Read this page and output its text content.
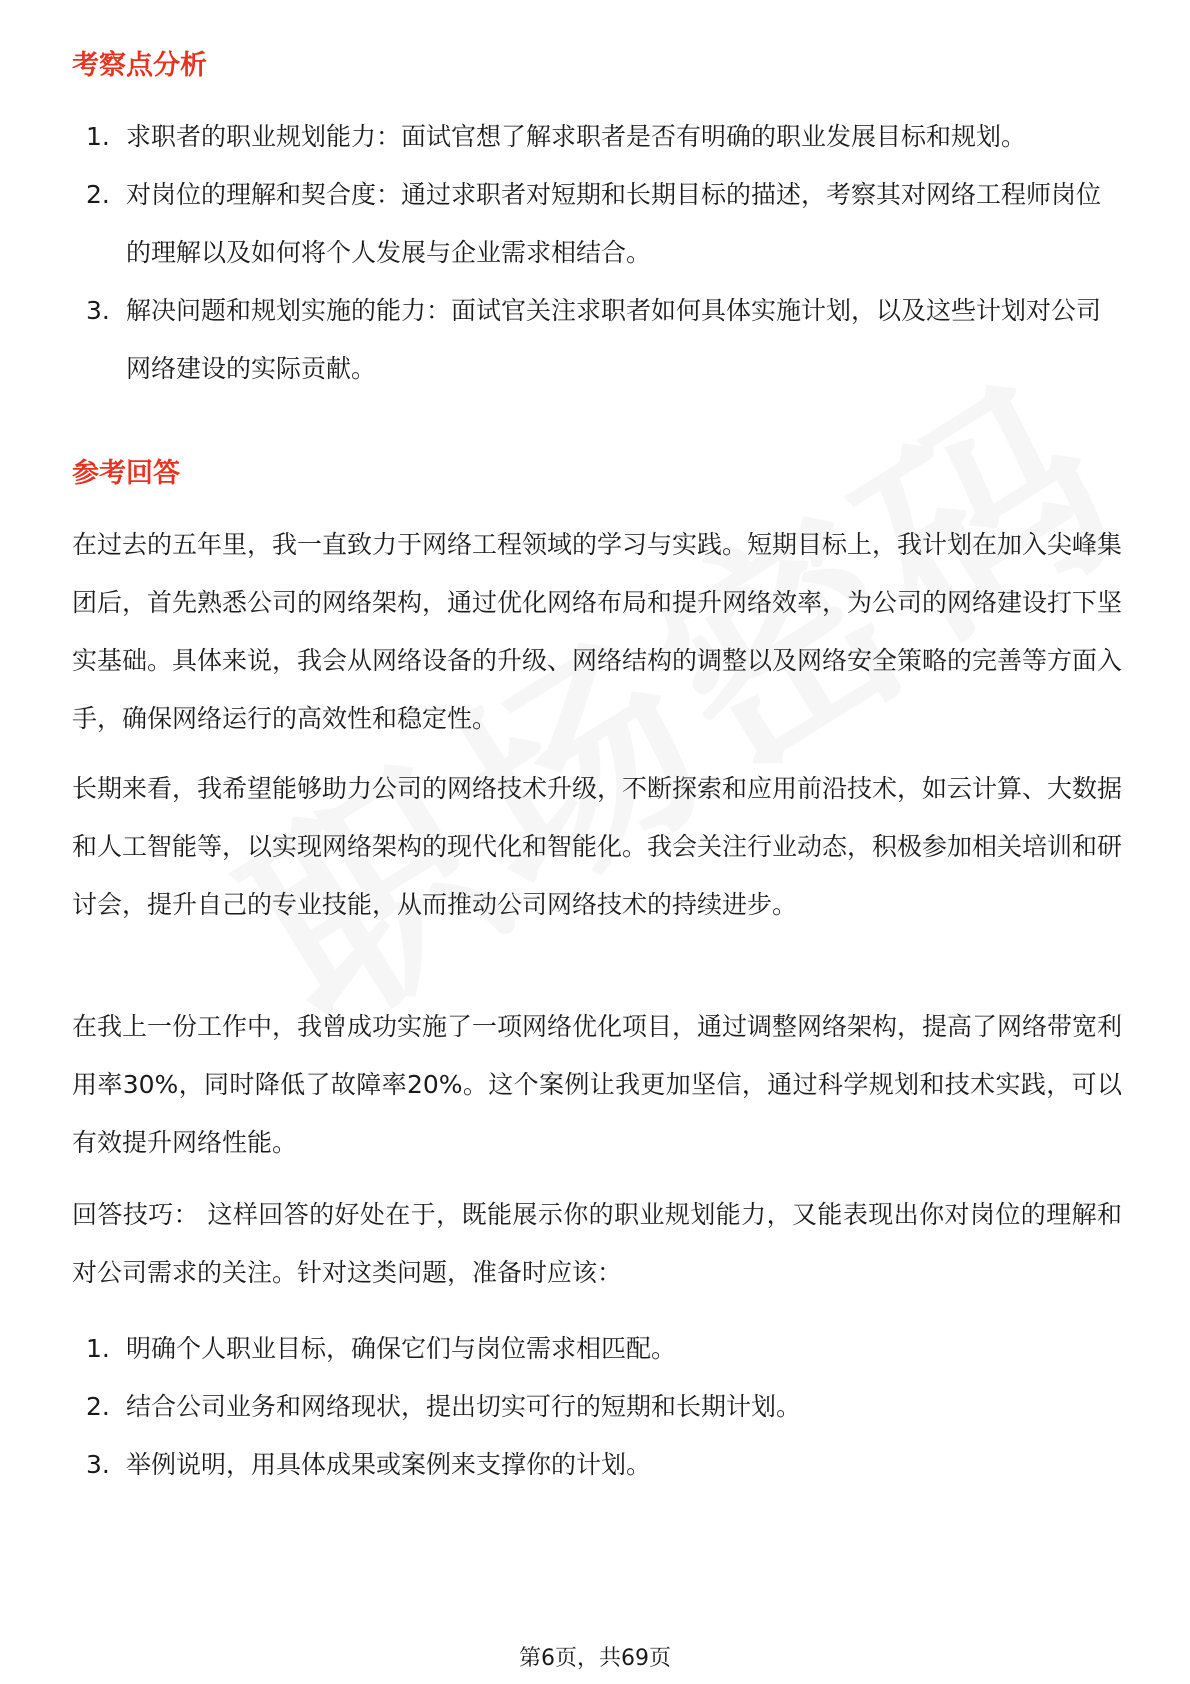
考察点分析
1. 求职者的职业规划能力：面试官想了解求职者是否有明确的职业发展目标和规划。
2. 对岗位的理解和契合度：通过求职者对短期和长期目标的描述，考察其对网络工程师岗位的理解以及如何将个人发展与企业需求相结合。
3. 解决问题和规划实施的能力：面试官关注求职者如何具体实施计划，以及这些计划对公司网络建设的实际贡献。
参考回答

在过去的五年里，我一直致力于网络工程领域的学习与实践。短期目标上，我计划在加入尖峰集团后，首先熟悉公司的网络架构，通过优化网络布局和提升网络效率，为公司的网络建设打下坚实基础。具体来说，我会从网络设备的升级、网络结构的调整以及网络安全策略的完善等方面入手，确保网络运行的高效性和稳定性。

长期来看，我希望能够助力公司的网络技术升级，不断探索和应用前沿技术，如云计算、大数据和人工智能等，以实现网络架构的现代化和智能化。我会关注行业动态，积极参加相关培训和研讨会，提升自己的专业技能，从而推动公司网络技术的持续进步。

在我上一份工作中，我曾成功实施了一项网络优化项目，通过调整网络架构，提高了网络带宽利用率30%，同时降低了故障率20%。这个案例让我更加坚信，通过科学规划和技术实践，可以有效提升网络性能。

回答技巧： 这样回答的好处在于，既能展示你的职业规划能力，又能表现出你对岗位的理解和对公司需求的关注。针对这类问题，准备时应该：

1. 明确个人职业目标，确保它们与岗位需求相匹配。
2. 结合公司业务和网络现状，提出切实可行的短期和长期计划。
3. 举例说明，用具体成果或案例来支撑你的计划。
第6页，共69页
